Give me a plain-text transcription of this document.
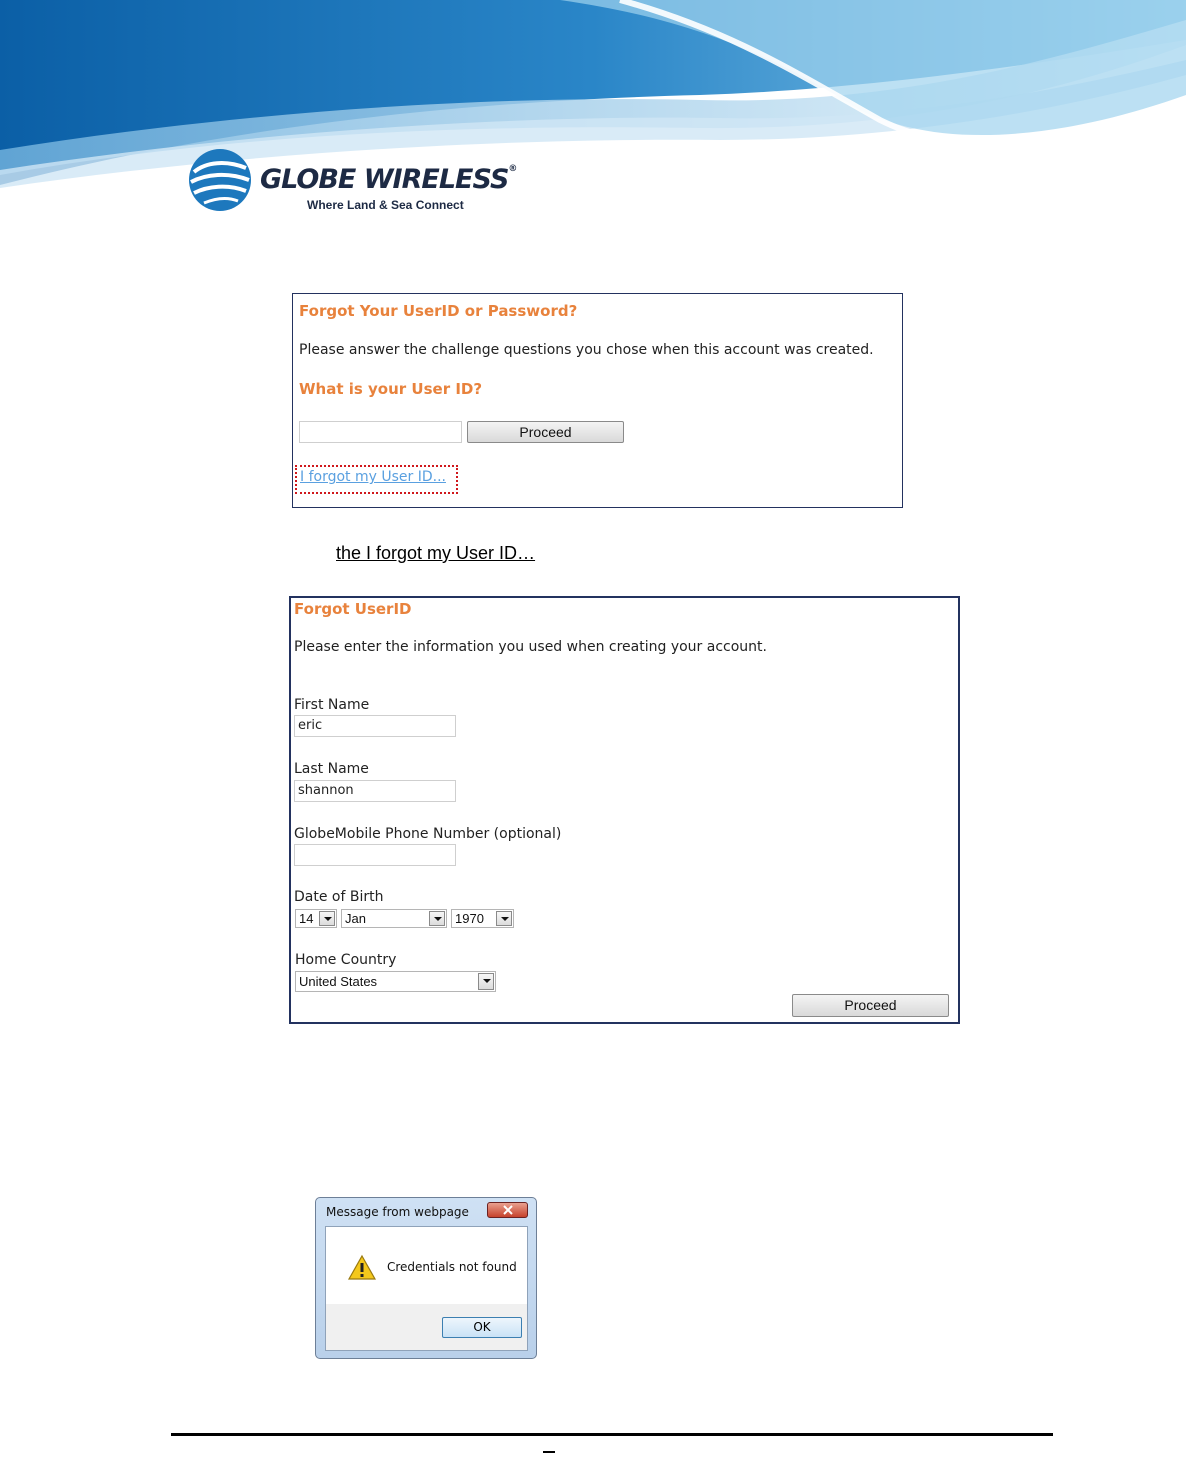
GLOBE WIRELESS®
Where Land & Sea Connect
Forgot Your UserID or Password?
Please answer the challenge questions you chose when this account was created.
What is your User ID?
Proceed
I forgot my User ID...
the I forgot my User ID…
Forgot UserID
Please enter the information you used when creating your account.
First Name
eric
Last Name
shannon
GlobeMobile Phone Number (optional)
Date of Birth
14	Jan	1970
Home Country
United States
Proceed
Message from webpage
Credentials not found
OK
